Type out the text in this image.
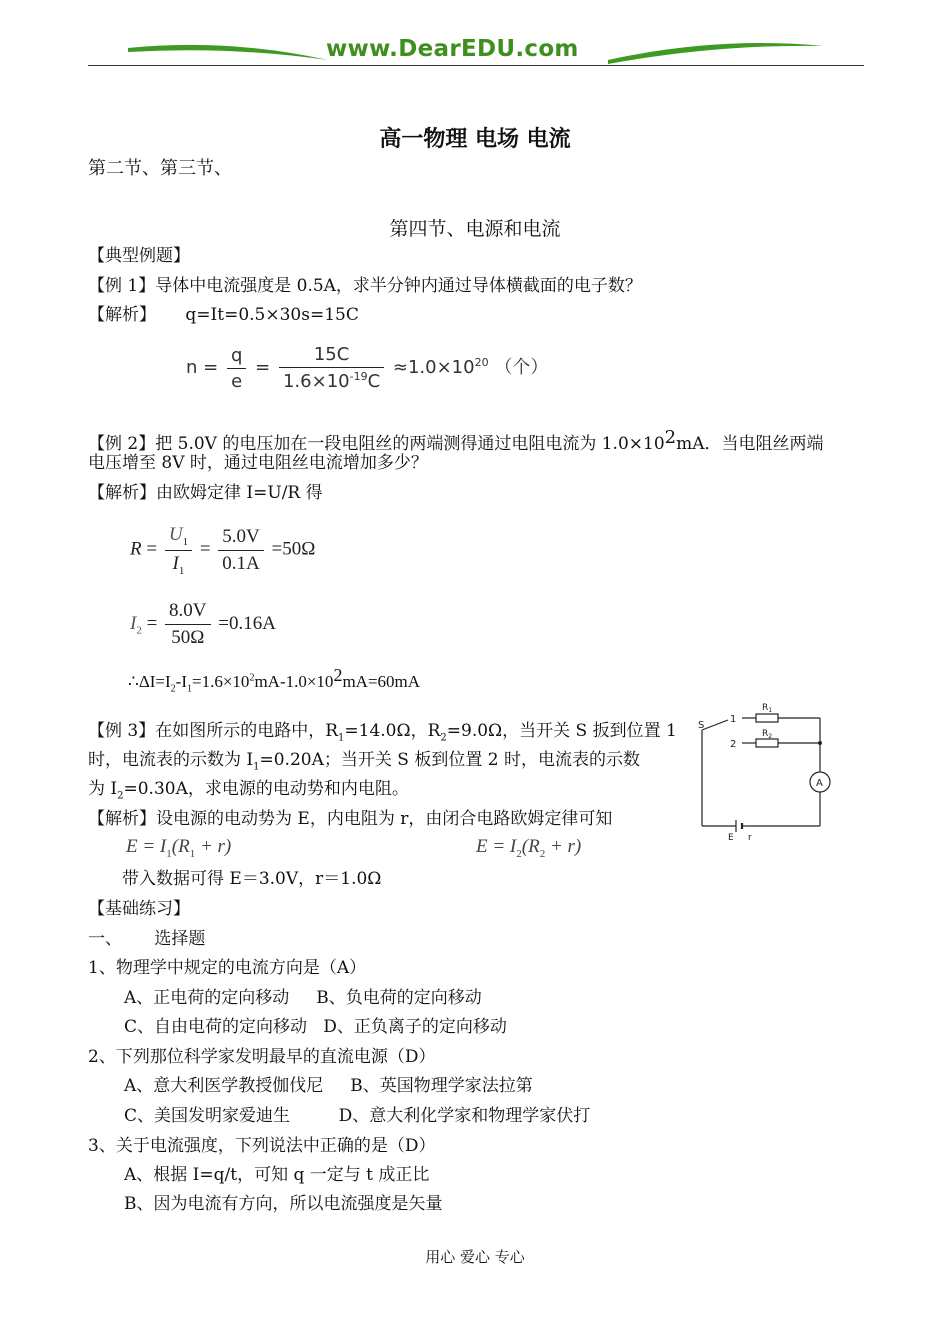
www.DearEDU.com
高一物理 电场 电流
第二节、第三节、
第四节、电源和电流
【典型例题】
【例 1】导体中电流强度是 0.5A，求半分钟内通过导体横截面的电子数？
【解析】 q=It=0.5×30s=15C
$n = \frac{q}{e} = \frac{15C}{1.6\times 10^{-19}C} \approx 1.0\times 10^{20}$ （个）
【例 2】把 5.0V 的电压加在一段电阻丝的两端测得通过电阻电流为 $1.0\times 10^2mA$．当电阻丝两端
电压增至 8V 时，通过电阻丝电流增加多少？
【解析】由欧姆定律 I=U/R 得
$R = \frac{U_1}{I_1} = \frac{5.0V}{0.1A} =50\Omega$
$I_2 = \frac{8.0V}{50\Omega} =0.16A$
$\therefore\Delta I=I_2-I_1=1.6\times 10^2mA-1.0\times 10^2mA=60mA$
【例 3】在如图所示的电路中，$R_1=14.0\Omega$，$R_2=9.0\Omega$，当开关 S 扳到位置 1
时，电流表的示数为 $I_1=0.20A$；当开关 S 板到位置 2 时，电流表的示数
为 $I_2=0.30A$，求电源的电动势和内电阻。
【解析】设电源的电动势为 E，内电阻为 r，由闭合电路欧姆定律可知
$E = I_1(R_1 + r)$	$E = I_2(R_2 + r)$
带入数据可得 E＝3.0V，r＝1.0Ω
$R_1$
$R_2$
S
1
2
A
E r
【基础练习】
一、      选择题
1、物理学中规定的电流方向是（A）
A、正电荷的定向移动     B、负电荷的定向移动
C、自由电荷的定向移动   D、正负离子的定向移动
2、下列那位科学家发明最早的直流电源（D）
A、意大利医学教授伽伐尼     B、英国物理学家法拉第
C、美国发明家爱迪生         D、意大利化学家和物理学家伏打
3、关于电流强度，下列说法中正确的是（D）
A、根据 I=q/t，可知 q 一定与 t 成正比
B、因为电流有方向，所以电流强度是矢量
用心 爱心 专心
